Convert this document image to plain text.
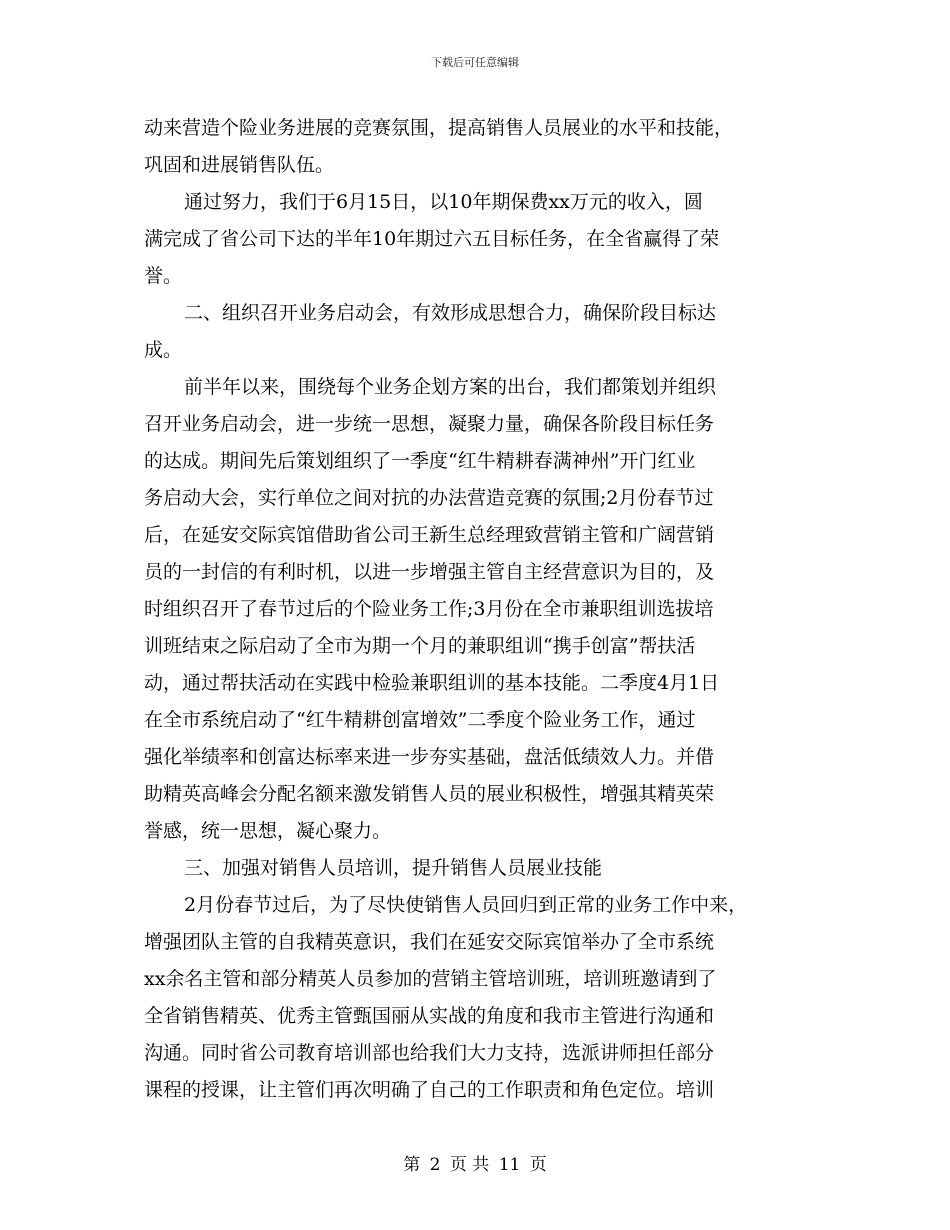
下载后可任意编辑
动来营造个险业务进展的竞赛氛围，提高销售人员展业的水平和技能，
巩固和进展销售队伍。
通过努力，我们于6月15日，以10年期保费xx万元的收入，圆
满完成了省公司下达的半年10年期过六五目标任务，在全省赢得了荣
誉。
二、组织召开业务启动会，有效形成思想合力，确保阶段目标达
成。
前半年以来，围绕每个业务企划方案的出台，我们都策划并组织
召开业务启动会，进一步统一思想，凝聚力量，确保各阶段目标任务
的达成。期间先后策划组织了一季度“红牛精耕春满神州”开门红业
务启动大会，实行单位之间对抗的办法营造竞赛的氛围;2月份春节过
后，在延安交际宾馆借助省公司王新生总经理致营销主管和广阔营销
员的一封信的有利时机，以进一步增强主管自主经营意识为目的，及
时组织召开了春节过后的个险业务工作;3月份在全市兼职组训选拔培
训班结束之际启动了全市为期一个月的兼职组训“携手创富”帮扶活
动，通过帮扶活动在实践中检验兼职组训的基本技能。二季度4月1日
在全市系统启动了“红牛精耕创富增效”二季度个险业务工作，通过
强化举绩率和创富达标率来进一步夯实基础，盘活低绩效人力。并借
助精英高峰会分配名额来激发销售人员的展业积极性，增强其精英荣
誉感，统一思想，凝心聚力。
三、加强对销售人员培训，提升销售人员展业技能
2月份春节过后，为了尽快使销售人员回归到正常的业务工作中来，
增强团队主管的自我精英意识，我们在延安交际宾馆举办了全市系统
xx余名主管和部分精英人员参加的营销主管培训班，培训班邀请到了
全省销售精英、优秀主管甄国丽从实战的角度和我市主管进行沟通和
沟通。同时省公司教育培训部也给我们大力支持，选派讲师担任部分
课程的授课，让主管们再次明确了自己的工作职责和角色定位。培训
第 2 页 共 11 页
